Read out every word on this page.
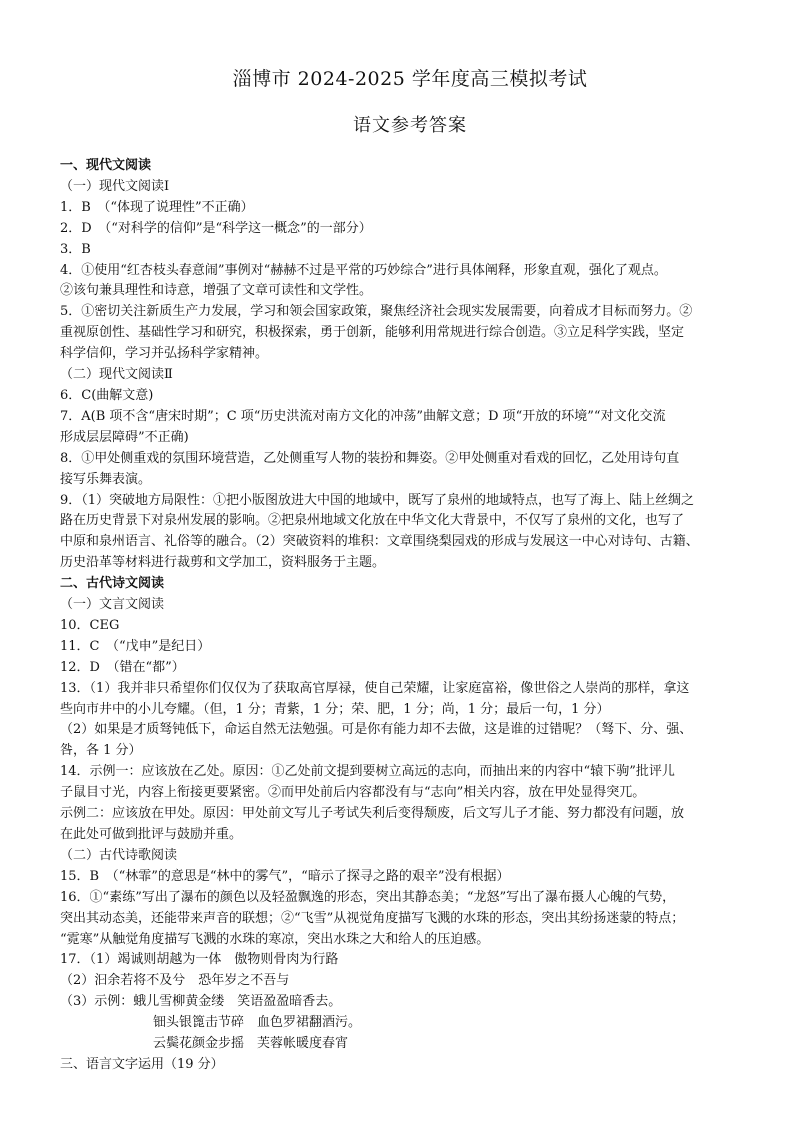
淄博市 2024-2025 学年度高三模拟考试
语文参考答案
一、现代文阅读
（一）现代文阅读Ⅰ
1．B　（“体现了说理性”不正确）
2．D　（“对科学的信仰”是“科学这一概念”的一部分）
3．B
4．①使用“红杏枝头春意闹”事例对“赫赫不过是平常的巧妙综合”进行具体阐释，形象直观，强化了观点。
②该句兼具理性和诗意，增强了文章可读性和文学性。
5．①密切关注新质生产力发展，学习和领会国家政策，聚焦经济社会现实发展需要，向着成才目标而努力。②
重视原创性、基础性学习和研究，积极探索，勇于创新，能够利用常规进行综合创造。③立足科学实践，坚定
科学信仰，学习并弘扬科学家精神。
（二）现代文阅读Ⅱ
6．C(曲解文意)
7．A(B 项不含“唐宋时期”；C 项“历史洪流对南方文化的冲荡”曲解文意；D 项“开放的环境”“对文化交流
形成层层障碍”不正确)
8．①甲处侧重戏的氛围环境营造，乙处侧重写人物的装扮和舞姿。②甲处侧重对看戏的回忆，乙处用诗句直
接写乐舞表演。
9．（1）突破地方局限性：①把小版图放进大中国的地域中，既写了泉州的地域特点，也写了海上、陆上丝绸之
路在历史背景下对泉州发展的影响。②把泉州地域文化放在中华文化大背景中，不仅写了泉州的文化，也写了
中原和泉州语言、礼俗等的融合。（2）突破资料的堆积：文章围绕梨园戏的形成与发展这一中心对诗句、古籍、
历史沿革等材料进行裁剪和文学加工，资料服务于主题。
二、古代诗文阅读
（一）文言文阅读
10．CEG
11．C　（“戊申”是纪日）
12．D　（错在“都”）
13．（1）我并非只希望你们仅仅为了获取高官厚禄，使自己荣耀，让家庭富裕，像世俗之人崇尚的那样，拿这
些向市井中的小儿夸耀。（但，1 分；青紫，1 分；荣、肥，1 分；尚，1 分；最后一句，1 分）
（2）如果是才质驽钝低下，命运自然无法勉强。可是你有能力却不去做，这是谁的过错呢？（驽下、分、强、
咎，各 1 分）
14．示例一：应该放在乙处。原因：①乙处前文提到要树立高远的志向，而抽出来的内容中“辕下驹”批评儿
子鼠目寸光，内容上衔接更要紧密。②而甲处前后内容都没有与“志向”相关内容，放在甲处显得突兀。
示例二：应该放在甲处。原因：甲处前文写儿子考试失利后变得颓废，后文写儿子才能、努力都没有问题，放
在此处可做到批评与鼓励并重。
（二）古代诗歌阅读
15．B　（“林霏”的意思是“林中的雾气”，“暗示了探寻之路的艰辛”没有根据）
16．①“素练”写出了瀑布的颜色以及轻盈飘逸的形态，突出其静态美；“龙怒”写出了瀑布摄人心魄的气势，
突出其动态美，还能带来声音的联想；②“飞雪”从视觉角度描写飞溅的水珠的形态，突出其纷扬迷蒙的特点；
“霓寒”从触觉角度描写飞溅的水珠的寒凉，突出水珠之大和给人的压迫感。
17．（1）竭诚则胡越为一体　傲物则骨肉为行路
（2）汩余若将不及兮　恐年岁之不吾与
（3）示例：蛾儿雪柳黄金缕　笑语盈盈暗香去。
钿头银篦击节碎　血色罗裙翻酒污。
云鬓花颜金步摇　芙蓉帐暖度春宵
三、语言文字运用（19 分）
